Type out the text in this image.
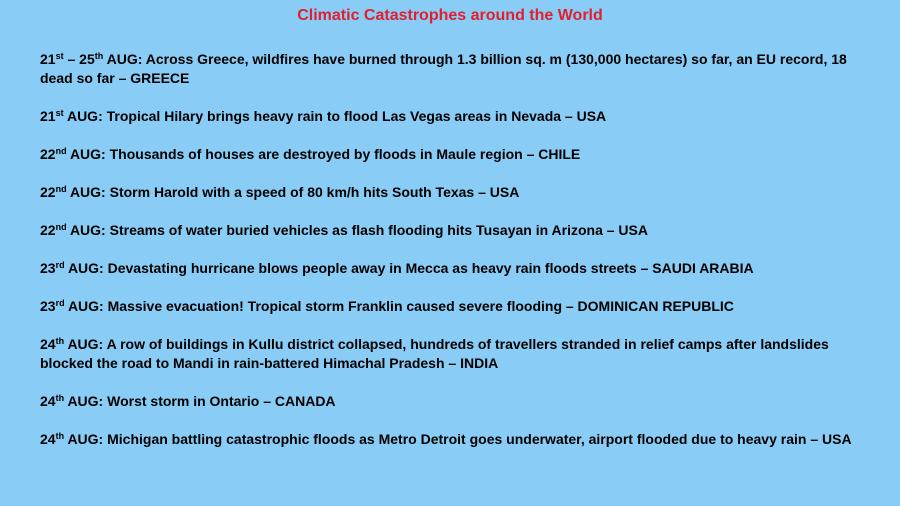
Climatic Catastrophes around the World
21st – 25th AUG: Across Greece, wildfires have burned through 1.3 billion sq. m (130,000 hectares) so far, an EU record, 18 dead so far – GREECE
21st AUG: Tropical Hilary brings heavy rain to flood Las Vegas areas in Nevada – USA
22nd AUG: Thousands of houses are destroyed by floods in Maule region – CHILE
22nd AUG: Storm Harold with a speed of 80 km/h hits South Texas – USA
22nd AUG: Streams of water buried vehicles as flash flooding hits Tusayan in Arizona – USA
23rd AUG: Devastating hurricane blows people away in Mecca as heavy rain floods streets – SAUDI ARABIA
23rd AUG: Massive evacuation! Tropical storm Franklin caused severe flooding – DOMINICAN REPUBLIC
24th AUG: A row of buildings in Kullu district collapsed, hundreds of travellers stranded in relief camps after landslides blocked the road to Mandi in rain-battered Himachal Pradesh – INDIA
24th AUG: Worst storm in Ontario – CANADA
24th AUG: Michigan battling catastrophic floods as Metro Detroit goes underwater, airport flooded due to heavy rain – USA
